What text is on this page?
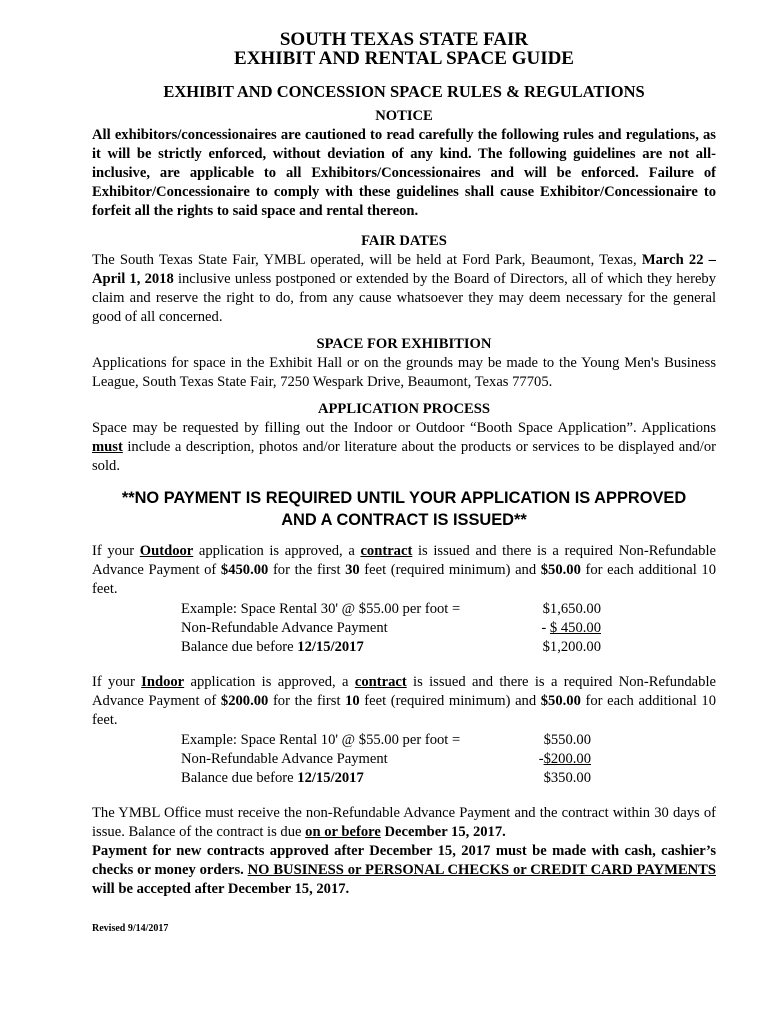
SOUTH TEXAS STATE FAIR
EXHIBIT AND RENTAL SPACE GUIDE
EXHIBIT AND CONCESSION SPACE RULES & REGULATIONS
NOTICE
All exhibitors/concessionaires are cautioned to read carefully the following rules and regulations, as it will be strictly enforced, without deviation of any kind. The following guidelines are not all-inclusive, are applicable to all Exhibitors/Concessionaires and will be enforced. Failure of Exhibitor/Concessionaire to comply with these guidelines shall cause Exhibitor/Concessionaire to forfeit all the rights to said space and rental thereon.
FAIR DATES
The South Texas State Fair, YMBL operated, will be held at Ford Park, Beaumont, Texas, March 22 – April 1, 2018 inclusive unless postponed or extended by the Board of Directors, all of which they hereby claim and reserve the right to do, from any cause whatsoever they may deem necessary for the general good of all concerned.
SPACE FOR EXHIBITION
Applications for space in the Exhibit Hall or on the grounds may be made to the Young Men's Business League, South Texas State Fair, 7250 Wespark Drive, Beaumont, Texas 77705.
APPLICATION PROCESS
Space may be requested by filling out the Indoor or Outdoor “Booth Space Application”. Applications must include a description, photos and/or literature about the products or services to be displayed and/or sold.
**NO PAYMENT IS REQUIRED UNTIL YOUR APPLICATION IS APPROVED
AND A CONTRACT IS ISSUED**
If your Outdoor application is approved, a contract is issued and there is a required Non-Refundable Advance Payment of $450.00 for the first 30 feet (required minimum) and $50.00 for each additional 10 feet.
Example: Space Rental 30' @ $55.00 per foot =	$1,650.00
Non-Refundable Advance Payment	- $ 450.00
Balance due before 12/15/2017	$1,200.00
If your Indoor application is approved, a contract is issued and there is a required Non-Refundable Advance Payment of $200.00 for the first 10 feet (required minimum) and $50.00 for each additional 10 feet.
Example: Space Rental 10' @ $55.00 per foot =	$550.00
Non-Refundable Advance Payment	-$200.00
Balance due before 12/15/2017	$350.00
The YMBL Office must receive the non-Refundable Advance Payment and the contract within 30 days of issue. Balance of the contract is due on or before December 15, 2017.
Payment for new contracts approved after December 15, 2017 must be made with cash, cashier’s checks or money orders. NO BUSINESS or PERSONAL CHECKS or CREDIT CARD PAYMENTS will be accepted after December 15, 2017.
Revised 9/14/2017
